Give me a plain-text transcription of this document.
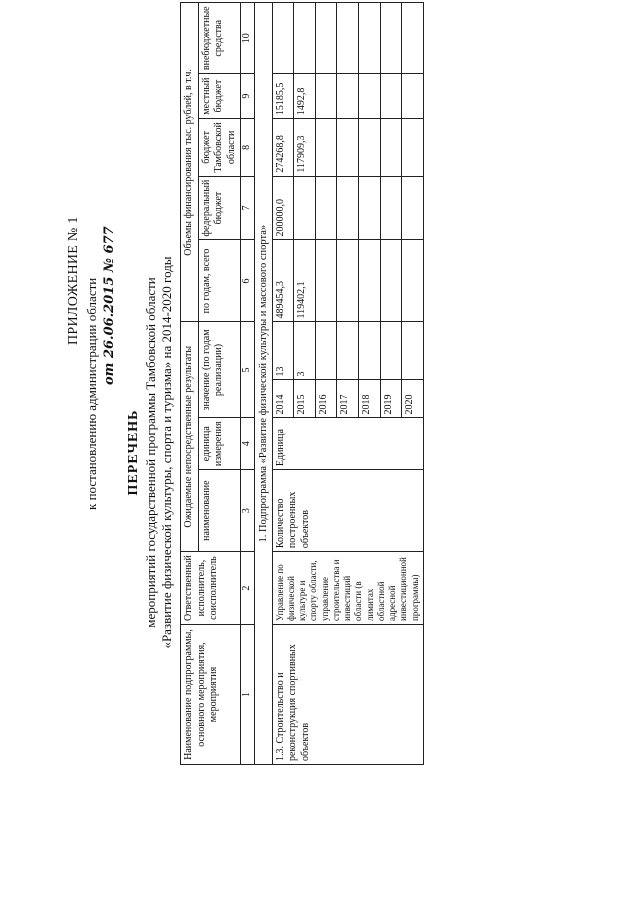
ПРИЛОЖЕНИЕ № 1 к постановлению администрации области от 26.06.2015 № 677
ПЕРЕЧЕНЬ мероприятий государственной программы Тамбовской области «Развитие физической культуры, спорта и туризма» на 2014-2020 годы
Наименование подпрограммы, основного мероприятия, мероприятия	Ответственный исполнитель, соисполнитель	Ожидаемые непосредственные результаты				Объемы финансирования тыс. рублей, в т.ч.				
		наименование	единица измерения	значение (по годам реализации)		по годам, всего	федеральный бюджет	бюджет Тамбовской области	местный бюджет	внебюджетные средства
1	2	3	4	5		6	7	8	9	10
1. Подпрограмма «Развитие физической культуры и массового спорта»										
1.3. Строительство и реконструкция спортивных объектов	Управление по физической культуре и спорту области, управление строительства и инвестиций области (в лимитах областной адресной инвестиционной программы)	Количество построенных объектов	Единица	2014	13	489454,3	200000,0	274268,8	15185,5	
				2015	3	119402,1		117909,3	1492,8	
				2016						
				2017						
				2018						
				2019						
				2020						
